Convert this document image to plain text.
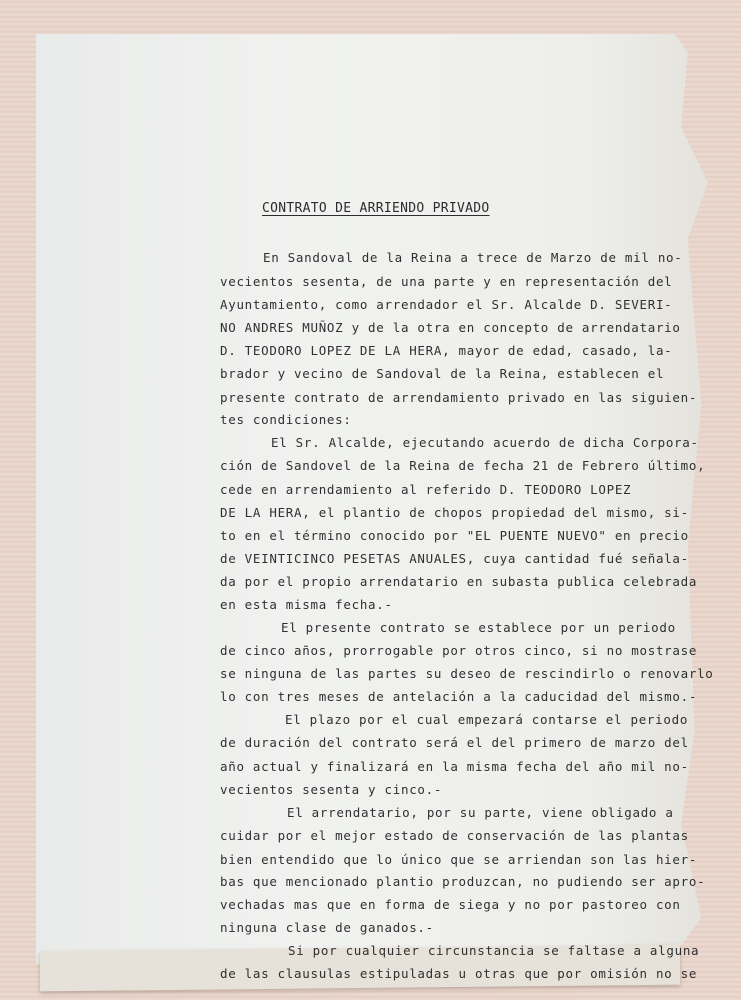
CONTRATO DE ARRIENDO PRIVADO
En Sandoval de la Reina a trece de Marzo de mil no-
vecientos sesenta, de una parte y en representación del
Ayuntamiento, como arrendador el Sr. Alcalde D. SEVERI-
NO ANDRES MUÑOZ y de la otra en concepto de arrendatario
D. TEODORO LOPEZ DE LA HERA, mayor de edad, casado, la-
brador y vecino de Sandoval de la Reina, establecen el
presente contrato de arrendamiento privado en las siguien-
tes condiciones:
El Sr. Alcalde, ejecutando acuerdo de dicha Corpora-
ción de Sandovel de la Reina de fecha 21 de Febrero último,
cede en arrendamiento al referido D. TEODORO LOPEZ
DE LA HERA, el plantio de chopos propiedad del mismo, si-
to en el término conocido por "EL PUENTE NUEVO" en precio
de VEINTICINCO PESETAS ANUALES, cuya cantidad fué señala-
da por el propio arrendatario en subasta publica celebrada
en esta misma fecha.-
El presente contrato se establece por un periodo
de cinco años, prorrogable por otros cinco, si no mostrase
se ninguna de las partes su deseo de rescindirlo o renovarlo
lo con tres meses de antelación a la caducidad del mismo.-
El plazo por el cual empezará contarse el periodo
de duración del contrato será el del primero de marzo del
año actual y finalizará en la misma fecha del año mil no-
vecientos sesenta y cinco.-
El arrendatario, por su parte, viene obligado a
cuidar por el mejor estado de conservación de las plantas
bien entendido que lo único que se arriendan son las hier-
bas que mencionado plantio produzcan, no pudiendo ser apro-
vechadas mas que en forma de siega y no por pastoreo con
ninguna clase de ganados.-
Si por cualquier circunstancia se faltase a alguna
de las clausulas estipuladas u otras que por omisión no se
